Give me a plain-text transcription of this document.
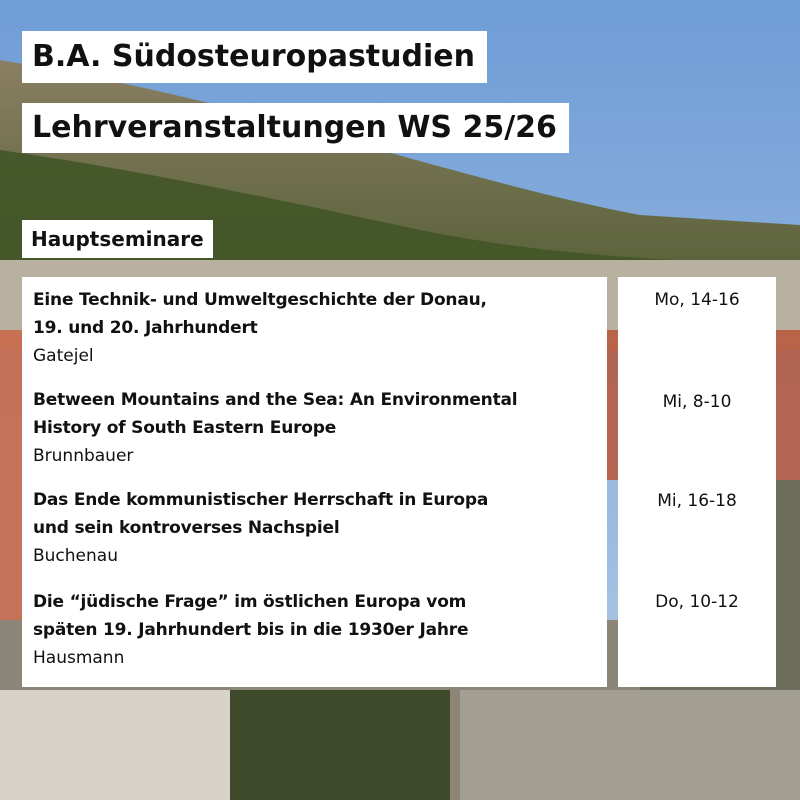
B.A. Südosteuropastudien
Lehrveranstaltungen WS 25/26
Hauptseminare
Eine Technik- und Umweltgeschichte der Donau,
19. und 20. Jahrhundert
Gatejel
Between Mountains and the Sea: An Environmental
History of South Eastern Europe
Brunnbauer
Das Ende kommunistischer Herrschaft in Europa
und sein kontroverses Nachspiel
Buchenau
Die “jüdische Frage” im östlichen Europa vom
späten 19. Jahrhundert bis in die 1930er Jahre
Hausmann
Mo, 14-16
Mi, 8-10
Mi, 16-18
Do, 10-12
